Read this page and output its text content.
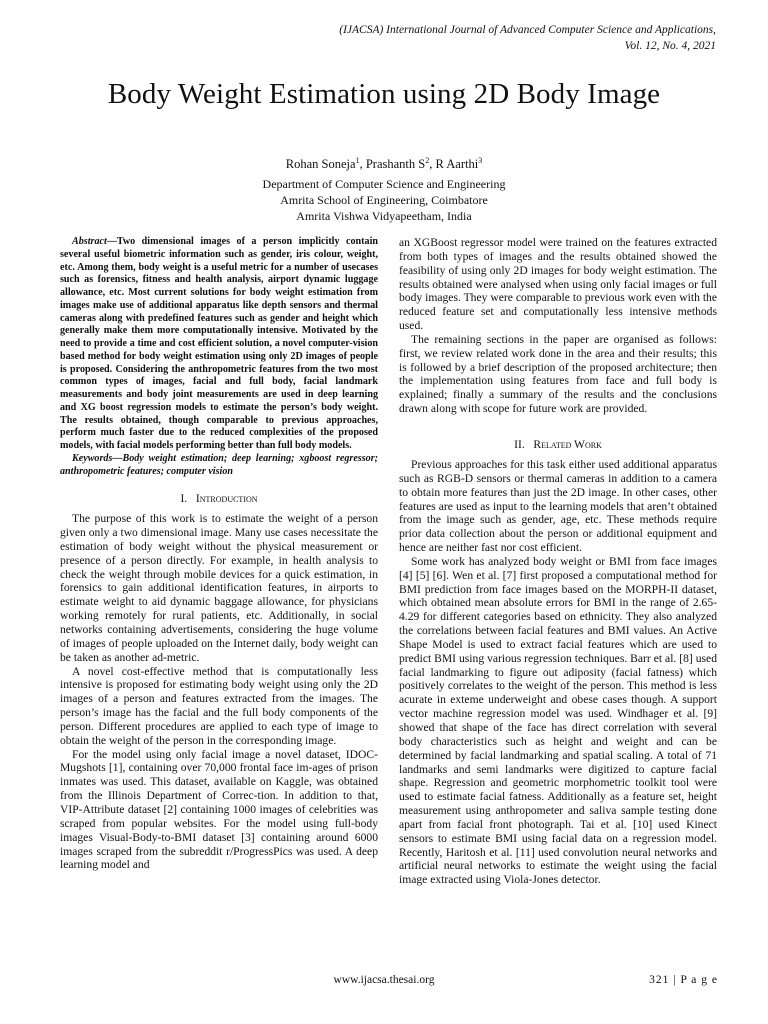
(IJACSA) International Journal of Advanced Computer Science and Applications,
Vol. 12, No. 4, 2021
Body Weight Estimation using 2D Body Image
Rohan Soneja$^1$, Prashanth $S^2$, R Aarthi$^3$
Department of Computer Science and Engineering
Amrita School of Engineering, Coimbatore
Amrita Vishwa Vidyapeetham, India

Abstract—Two dimensional images of a person implicitly contain several useful biometric information such as gender, iris colour, weight, etc. Among them, body weight is a useful metric for a number of usecases such as forensics, fitness and health analysis, airport dynamic luggage allowance, etc. Most current solutions for body weight estimation from images make use of additional apparatus like depth sensors and thermal cameras along with predefined features such as gender and height which generally make them more computationally intensive. Motivated by the need to provide a time and cost efficient solution, a novel computer-vision based method for body weight estimation using only 2D images of people is proposed. Considering the anthropometric features from the two most common types of images, facial and full body, facial landmark measurements and body joint measurements are used in deep learning and XG boost regression models to estimate the person’s body weight. The results obtained, though comparable to previous approaches, perform much faster due to the reduced complexities of the proposed models, with facial models performing better than full body models.

Keywords—Body weight estimation; deep learning; xgboost regressor; anthropometric features; computer vision

I. Introduction

The purpose of this work is to estimate the weight of a person given only a two dimensional image. Many use cases necessitate the estimation of body weight without the physical measurement or presence of a person directly. For example, in health analysis to check the weight through mobile devices for a quick estimation, in forensics to gain additional identification features, in airports to estimate weight to aid dynamic baggage allowance, for physicians working remotely for rural patients, etc. Additionally, in social networks containing advertisements, considering the huge volume of images of people uploaded on the Internet daily, body weight can be taken as another ad-metric.

A novel cost-effective method that is computationally less intensive is proposed for estimating body weight using only the 2D images of a person and features extracted from the images. The person’s image has the facial and the full body components of the person. Different procedures are applied to each type of image to obtain the weight of the person in the corresponding image.

For the model using only facial image a novel dataset, IDOC-Mugshots [1], containing over 70,000 frontal face im-ages of prison inmates was used. This dataset, available on Kaggle, was obtained from the Illinois Department of Correc-tion. In addition to that, VIP-Attribute dataset [2] containing 1000 images of celebrities was scraped from popular websites. For the model using full-body images Visual-Body-to-BMI dataset [3] containing around 6000 images scraped from the subreddit r/ProgressPics was used. A deep learning model and

an XGBoost regressor model were trained on the features extracted from both types of images and the results obtained showed the feasibility of using only 2D images for body weight estimation. The results obtained were analysed when using only facial images or full body images. They were comparable to previous work even with the reduced feature set and computationally less intensive methods used.

The remaining sections in the paper are organised as follows: first, we review related work done in the area and their results; this is followed by a brief description of the proposed architecture; then the implementation using features from face and full body is explained; finally a summary of the results and the conclusions drawn along with scope for future work are provided.

II. Related Work

Previous approaches for this task either used additional apparatus such as RGB-D sensors or thermal cameras in addition to a camera to obtain more features than just the 2D image. In other cases, other features are used as input to the learning models that aren’t obtained from the image such as gender, age, etc. These methods require prior data collection about the person or additional equipment and hence are neither fast nor cost efficient.

Some work has analyzed body weight or BMI from face images [4] [5] [6]. Wen et al. [7] first proposed a computational method for BMI prediction from face images based on the MORPH-II dataset, which obtained mean absolute errors for BMI in the range of 2.65-4.29 for different categories based on ethnicity. They also analyzed the correlations between facial features and BMI values. An Active Shape Model is used to extract facial features which are used to predict BMI using various regression techniques. Barr et al. [8] used facial landmarking to figure out adiposity (facial fatness) which positively correlates to the weight of the person. This method is less acurate in exteme underweight and obese cases though. A support vector machine regression model was used. Windhager et al. [9] showed that shape of the face has direct correlation with several body characteristics such as height and weight and can be determined by facial landmarking and spatial scaling. A total of 71 landmarks and semi landmarks were digitized to capture facial shape. Regression and geometric morphometric toolkit tool were used to estimate facial fatness. Additionally as a feature set, height measurement using anthropometer and saliva sample testing done apart from facial front photograph. Tai et al. [10] used Kinect sensors to estimate BMI using facial data on a regression model. Recently, Haritosh et al. [11] used convolution neural networks and artificial neural networks to estimate the weight using the facial image extracted using Viola-Jones detector.

www.ijacsa.thesai.org	321 | P a g e
